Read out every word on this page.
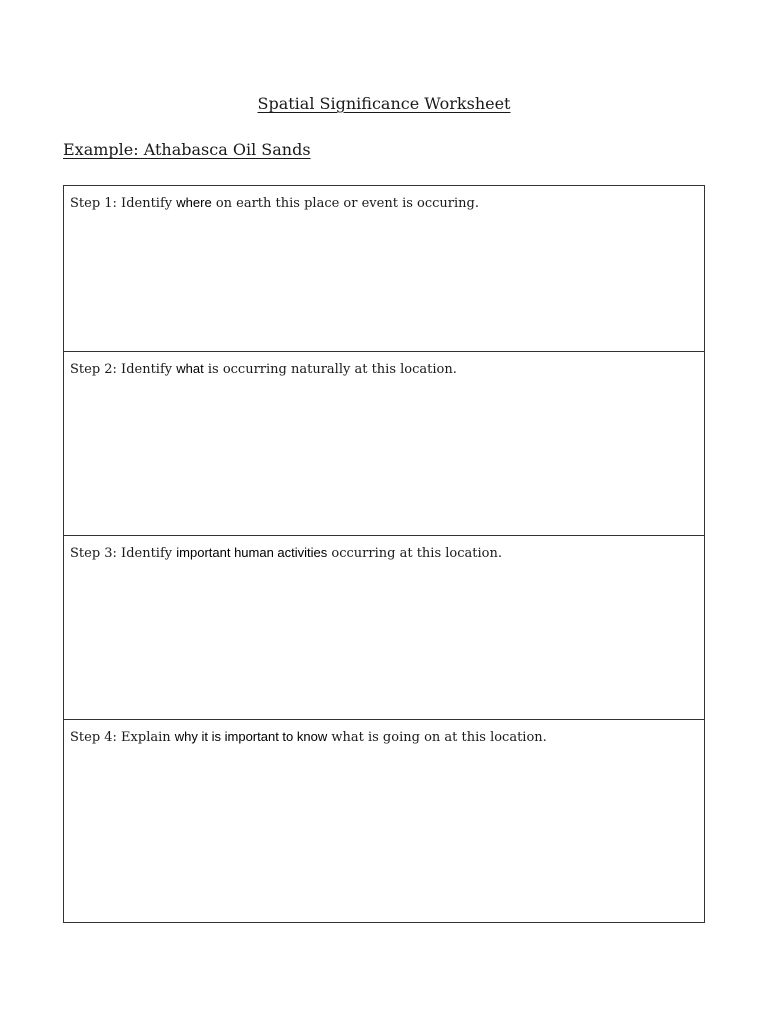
Spatial Significance Worksheet
Example: Athabasca Oil Sands
Step 1: Identify where on earth this place or event is occuring.
Step 2: Identify what is occurring naturally at this location.
Step 3: Identify important human activities occurring at this location.
Step 4: Explain why it is important to know what is going on at this location.
